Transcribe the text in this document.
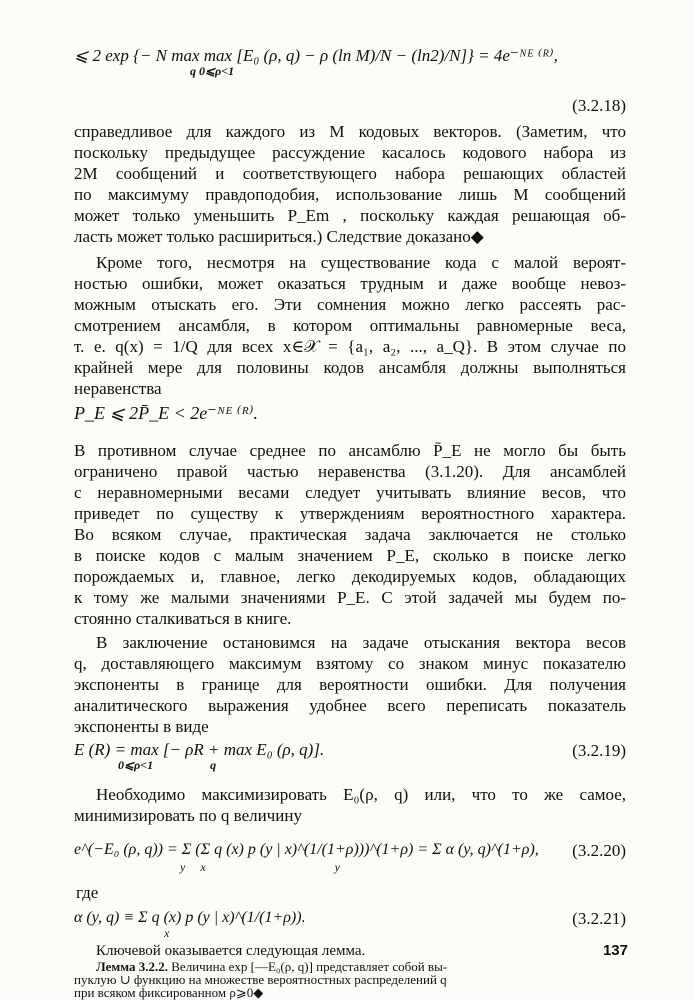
⩽ 2 exp {− N max max [E₀ (ρ, q) − ρ (ln M)/N − (ln2)/N]} = 4e⁻ᴺᴱ ⁽ᴿ⁾,
q 0⩽ρ<1
(3.2.18)
справедливое для каждого из M кодовых векторов. (Заметим, что
поскольку предыдущее рассуждение касалось кодового набора из
2M сообщений и соответствующего набора решающих областей
по максимуму правдоподобия, использование лишь M сообщений
может только уменьшить P_Em , поскольку каждая решающая об-
ласть может только расшириться.) Следствие доказано◆
Кроме того, несмотря на существование кода с малой вероят-
ностью ошибки, может оказаться трудным и даже вообще невоз-
можным отыскать его. Эти сомнения можно легко рассеять рас-
смотрением ансамбля, в котором оптимальны равномерные веса,
т. е. q(x) = 1/Q для всех x∈𝒳 = {a₁, a₂, ..., a_Q}. В этом случае по
крайней мере для половины кодов ансамбля должны выполняться
неравенства
P_E ⩽ 2P̄_E < 2e⁻ᴺᴱ ⁽ᴿ⁾.
В противном случае среднее по ансамблю P̄_E не могло бы быть
ограничено правой частью неравенства (3.1.20). Для ансамблей
с неравномерными весами следует учитывать влияние весов, что
приведет по существу к утверждениям вероятностного характера.
Во всяком случае, практическая задача заключается не столько
в поиске кодов с малым значением P_E, сколько в поиске легко
порождаемых и, главное, легко декодируемых кодов, обладающих
к тому же малыми значениями P_E. С этой задачей мы будем по-
стоянно сталкиваться в книге.
В заключение остановимся на задаче отыскания вектора весов
q, доставляющего максимум взятому со знаком минус показателю
экспоненты в границе для вероятности ошибки. Для получения
аналитического выражения удобнее всего переписать показатель
экспоненты в виде
E (R) = max [− ρR + max E₀ (ρ, q)].
0⩽ρ<1                   q
(3.2.19)
Необходимо максимизировать E₀(ρ, q) или, что то же самое,
минимизировать по q величину
e^(−E₀ (ρ, q)) = Σ (Σ q (x) p (y | x)^(1/(1+ρ)))^(1+ρ) = Σ α (y, q)^(1+ρ),
y     x                                           y
(3.2.20)
где
α (y, q) ≡ Σ q (x) p (y | x)^(1/(1+ρ)).
x
(3.2.21)
Ключевой оказывается следующая лемма.
Лемма 3.2.2. Величина exp [—E₀(ρ, q)] представляет собой вы-
пуклую ∪ функцию на множестве вероятностных распределений q
при всяком фиксированном ρ⩾0◆
137
